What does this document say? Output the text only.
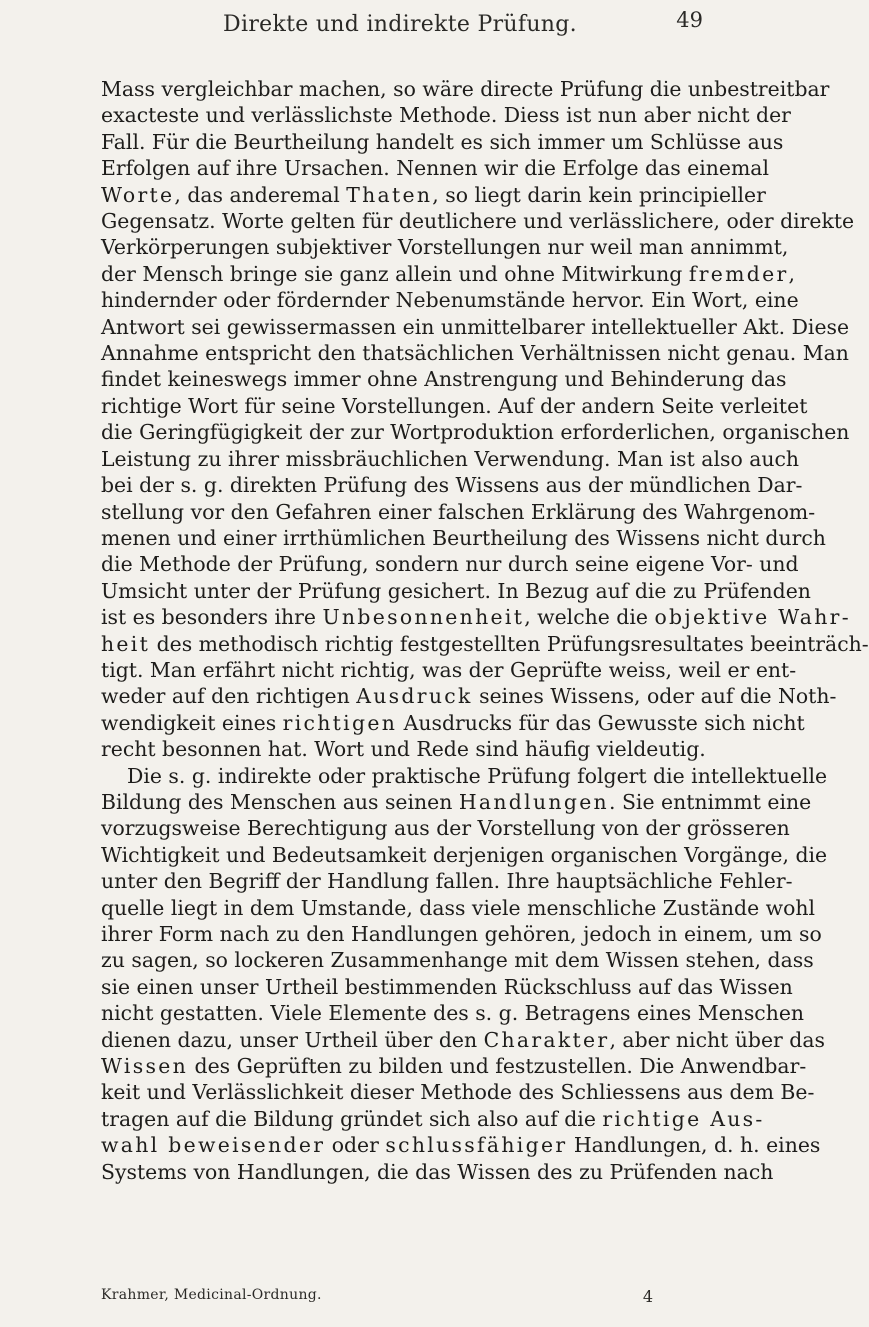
Direkte und indirekte Prüfung.	49
Mass vergleichbar machen, so wäre directe Prüfung die unbestreitbar
exacteste und verlässlichste Methode. Diess ist nun aber nicht der
Fall. Für die Beurtheilung handelt es sich immer um Schlüsse aus
Erfolgen auf ihre Ursachen. Nennen wir die Erfolge das einemal
Worte, das anderemal Thaten, so liegt darin kein principieller
Gegensatz. Worte gelten für deutlichere und verlässlichere, oder direkte
Verkörperungen subjektiver Vorstellungen nur weil man annimmt,
der Mensch bringe sie ganz allein und ohne Mitwirkung fremder,
hindernder oder fördernder Nebenumstände hervor. Ein Wort, eine
Antwort sei gewissermassen ein unmittelbarer intellektueller Akt. Diese
Annahme entspricht den thatsächlichen Verhältnissen nicht genau. Man
findet keineswegs immer ohne Anstrengung und Behinderung das
richtige Wort für seine Vorstellungen. Auf der andern Seite verleitet
die Geringfügigkeit der zur Wortproduktion erforderlichen, organischen
Leistung zu ihrer missbräuchlichen Verwendung. Man ist also auch
bei der s. g. direkten Prüfung des Wissens aus der mündlichen Dar-
stellung vor den Gefahren einer falschen Erklärung des Wahrgenom-
menen und einer irrthümlichen Beurtheilung des Wissens nicht durch
die Methode der Prüfung, sondern nur durch seine eigene Vor- und
Umsicht unter der Prüfung gesichert. In Bezug auf die zu Prüfenden
ist es besonders ihre Unbesonnenheit, welche die objektive Wahr-
heit des methodisch richtig festgestellten Prüfungsresultates beeinträch-
tigt. Man erfährt nicht richtig, was der Geprüfte weiss, weil er ent-
weder auf den richtigen Ausdruck seines Wissens, oder auf die Noth-
wendigkeit eines richtigen Ausdrucks für das Gewusste sich nicht
recht besonnen hat. Wort und Rede sind häufig vieldeutig.
Die s. g. indirekte oder praktische Prüfung folgert die intellektuelle
Bildung des Menschen aus seinen Handlungen. Sie entnimmt eine
vorzugsweise Berechtigung aus der Vorstellung von der grösseren
Wichtigkeit und Bedeutsamkeit derjenigen organischen Vorgänge, die
unter den Begriff der Handlung fallen. Ihre hauptsächliche Fehler-
quelle liegt in dem Umstande, dass viele menschliche Zustände wohl
ihrer Form nach zu den Handlungen gehören, jedoch in einem, um so
zu sagen, so lockeren Zusammenhange mit dem Wissen stehen, dass
sie einen unser Urtheil bestimmenden Rückschluss auf das Wissen
nicht gestatten. Viele Elemente des s. g. Betragens eines Menschen
dienen dazu, unser Urtheil über den Charakter, aber nicht über das
Wissen des Geprüften zu bilden und festzustellen. Die Anwendbar-
keit und Verlässlichkeit dieser Methode des Schliessens aus dem Be-
tragen auf die Bildung gründet sich also auf die richtige Aus-
wahl beweisender oder schlussfähiger Handlungen, d. h. eines
Systems von Handlungen, die das Wissen des zu Prüfenden nach
Krahmer, Medicinal-Ordnung.	4
